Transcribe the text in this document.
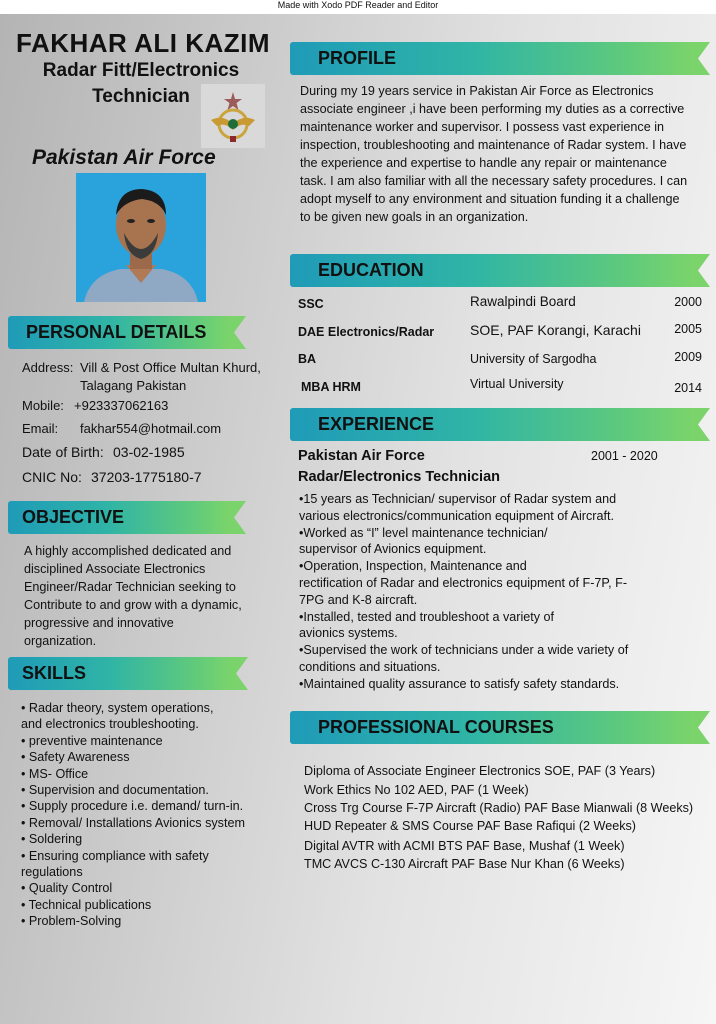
Made with Xodo PDF Reader and Editor
FAKHAR ALI KAZIM
Radar Fitt/Electronics
Technician
Pakistan Air Force
PERSONAL DETAILS
Address: Vill & Post Office Multan Khurd,
Talagang Pakistan
Mobile: +923337062163
Email: fakhar554@hotmail.com
Date of Birth: 03-02-1985
CNIC No: 37203-1775180-7
OBJECTIVE
A highly accomplished dedicated and
disciplined Associate Electronics
Engineer/Radar Technician seeking to
Contribute to and grow with a dynamic,
progressive and innovative
organization.
SKILLS
• Radar theory, system operations,
and electronics troubleshooting.
• preventive maintenance
• Safety Awareness
• MS- Office
• Supervision and documentation.
• Supply procedure i.e. demand/ turn-in.
• Removal/ Installations Avionics system
• Soldering
• Ensuring compliance with safety
regulations
• Quality Control
• Technical publications
• Problem-Solving
PROFILE
During my 19 years service in Pakistan Air Force as Electronics
associate engineer ,i have been performing my duties as a corrective
maintenance worker and supervisor. I possess vast experience in
inspection, troubleshooting and maintenance of Radar system. I have
the experience and expertise to handle any repair or maintenance
task. I am also familiar with all the necessary safety procedures. I can
adopt myself to any environment and situation funding it a challenge
to be given new goals in an organization.
EDUCATION
SSC	Rawalpindi Board	2000
DAE Electronics/Radar	SOE, PAF Korangi, Karachi	2005
BA	University of Sargodha	2009
MBA HRM	Virtual University	2014
EXPERIENCE
Pakistan Air Force
Radar/Electronics Technician
2001 - 2020
•15 years as Technician/ supervisor of Radar system and
various electronics/communication equipment of Aircraft.
•Worked as “I” level maintenance technician/
supervisor of Avionics equipment.
•Operation, Inspection, Maintenance and
rectification of Radar and electronics equipment of F-7P, F-
7PG and K-8 aircraft.
•Installed, tested and troubleshoot a variety of
avionics systems.
•Supervised the work of technicians under a wide variety of
conditions and situations.
•Maintained quality assurance to satisfy safety standards.
PROFESSIONAL COURSES
Diploma of Associate Engineer Electronics SOE, PAF (3 Years)
Work Ethics No 102 AED, PAF (1 Week)
Cross Trg Course F-7P Aircraft (Radio) PAF Base Mianwali (8 Weeks)
HUD Repeater & SMS Course PAF Base Rafiqui (2 Weeks)
Digital AVTR with ACMI BTS PAF Base, Mushaf (1 Week)
TMC AVCS C-130 Aircraft PAF Base Nur Khan (6 Weeks)
